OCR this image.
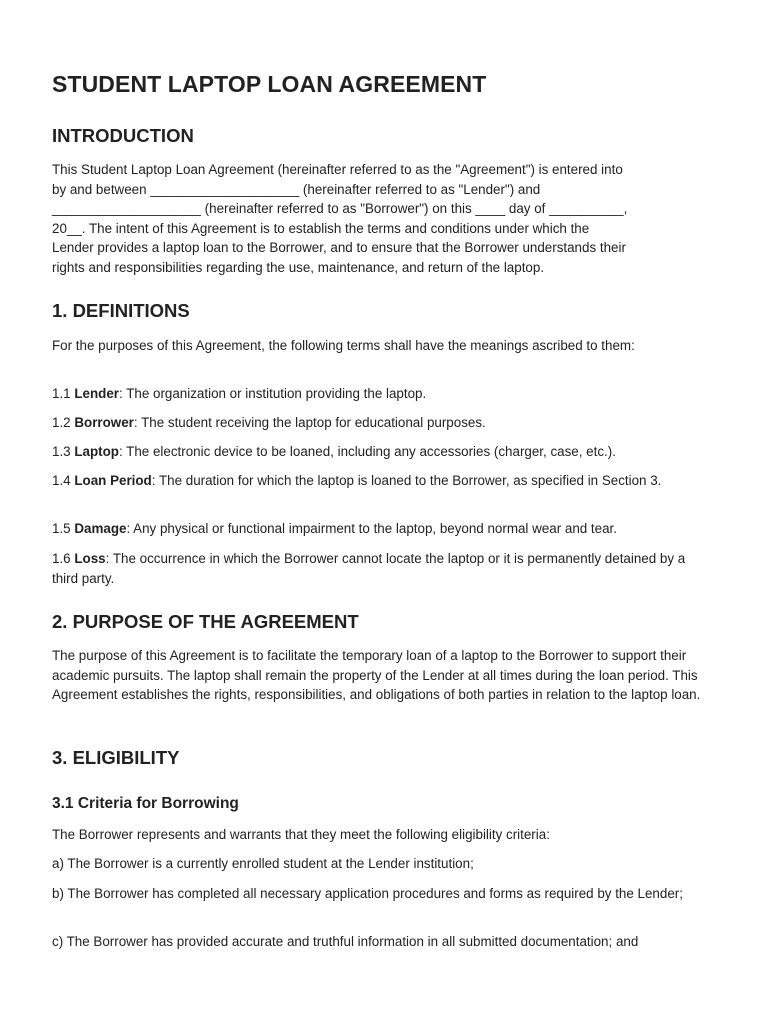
STUDENT LAPTOP LOAN AGREEMENT
INTRODUCTION
This Student Laptop Loan Agreement (hereinafter referred to as the "Agreement") is entered into
by and between ____________________ (hereinafter referred to as "Lender") and
____________________ (hereinafter referred to as "Borrower") on this ____ day of __________,
20__. The intent of this Agreement is to establish the terms and conditions under which the
Lender provides a laptop loan to the Borrower, and to ensure that the Borrower understands their
rights and responsibilities regarding the use, maintenance, and return of the laptop.
1. DEFINITIONS

For the purposes of this Agreement, the following terms shall have the meanings ascribed to them:

1.1 Lender: The organization or institution providing the laptop.

1.2 Borrower: The student receiving the laptop for educational purposes.

1.3 Laptop: The electronic device to be loaned, including any accessories (charger, case, etc.).

1.4 Loan Period: The duration for which the laptop is loaned to the Borrower, as specified in Section 3.

1.5 Damage: Any physical or functional impairment to the laptop, beyond normal wear and tear.

1.6 Loss: The occurrence in which the Borrower cannot locate the laptop or it is permanently detained by a third party.

2. PURPOSE OF THE AGREEMENT

The purpose of this Agreement is to facilitate the temporary loan of a laptop to the Borrower to support their academic pursuits. The laptop shall remain the property of the Lender at all times during the loan period. This Agreement establishes the rights, responsibilities, and obligations of both parties in relation to the laptop loan.

3. ELIGIBILITY
3.1 Criteria for Borrowing

The Borrower represents and warrants that they meet the following eligibility criteria:

a) The Borrower is a currently enrolled student at the Lender institution;

b) The Borrower has completed all necessary application procedures and forms as required by the Lender;

c) The Borrower has provided accurate and truthful information in all submitted documentation; and
